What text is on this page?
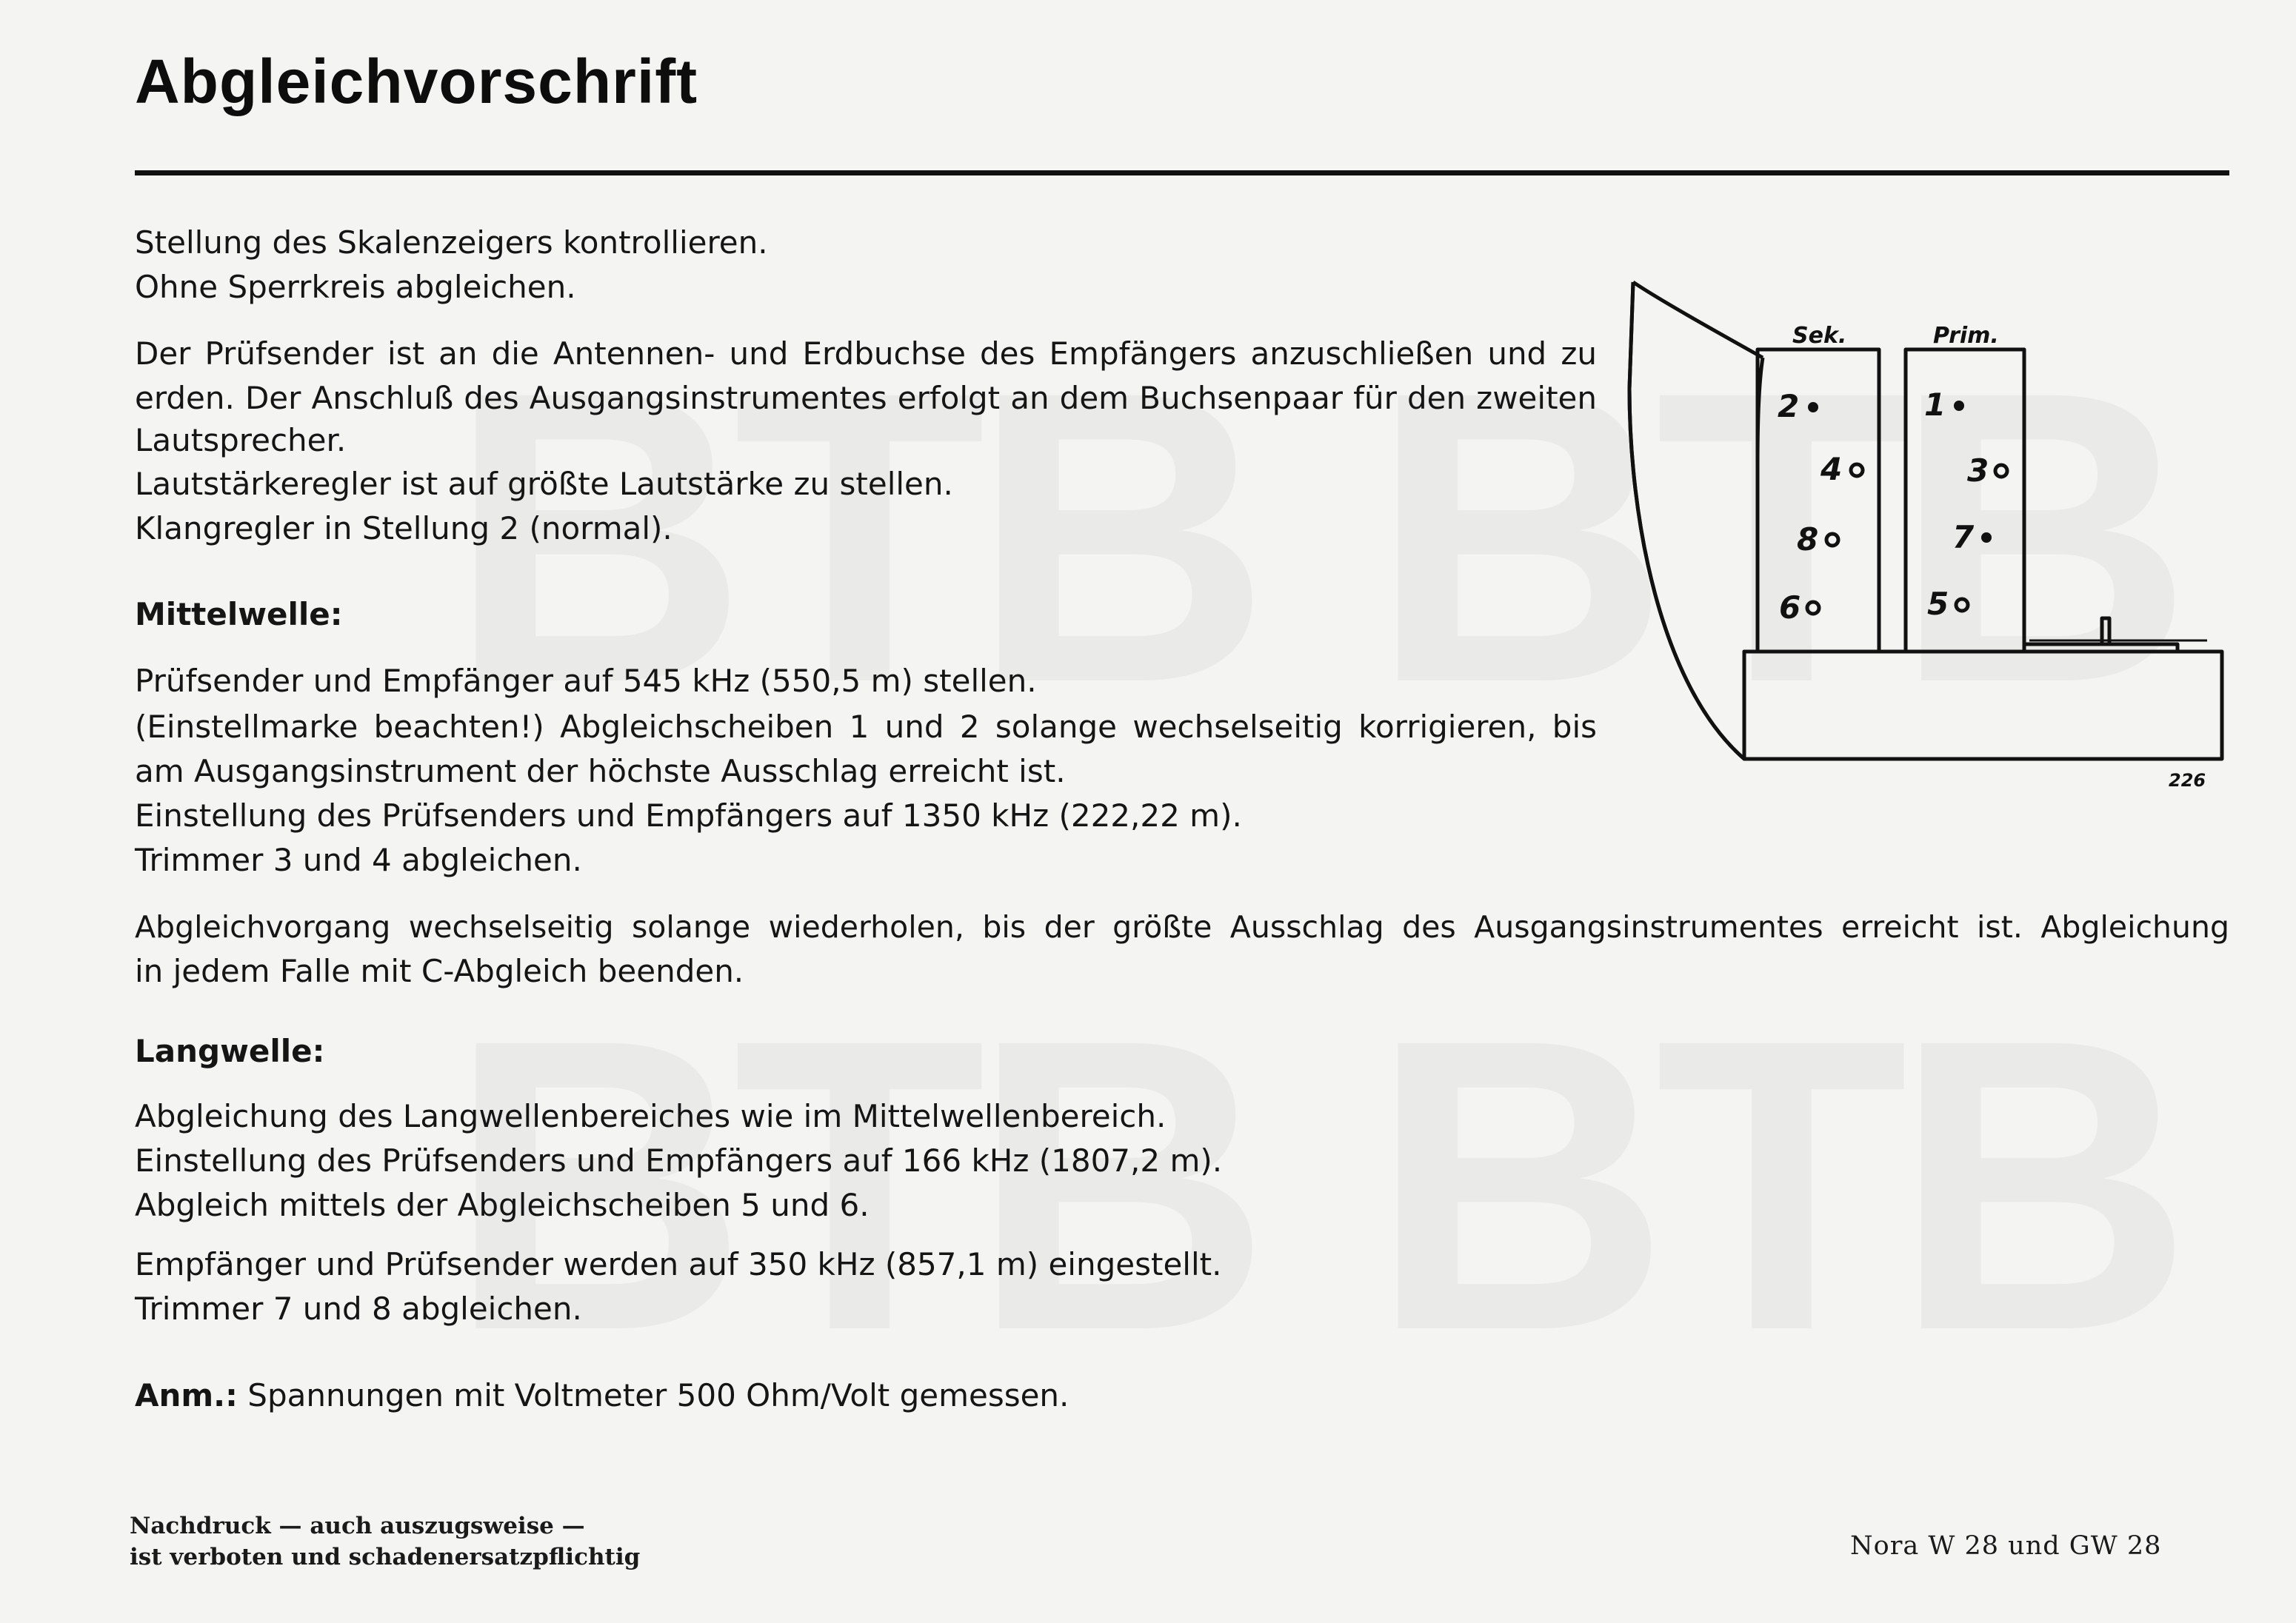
Abgleichvorschrift
Stellung des Skalenzeigers kontrollieren.
Ohne Sperrkreis abgleichen.
Der Prüfsender ist an die Antennen- und Erdbuchse des Empfängers anzuschließen und zu
erden. Der Anschluß des Ausgangsinstrumentes erfolgt an dem Buchsenpaar für den zweiten
Lautsprecher.
Lautstärkeregler ist auf größte Lautstärke zu stellen.
Klangregler in Stellung 2 (normal).
Mittelwelle:
Prüfsender und Empfänger auf 545 kHz (550,5 m) stellen.
(Einstellmarke beachten!) Abgleichscheiben 1 und 2 solange wechselseitig korrigieren, bis
am Ausgangsinstrument der höchste Ausschlag erreicht ist.
Einstellung des Prüfsenders und Empfängers auf 1350 kHz (222,22 m).
Trimmer 3 und 4 abgleichen.
Abgleichvorgang wechselseitig solange wiederholen, bis der größte Ausschlag des Ausgangsinstrumentes erreicht ist. Abgleichung
in jedem Falle mit C-Abgleich beenden.
Langwelle:
Abgleichung des Langwellenbereiches wie im Mittelwellenbereich.
Einstellung des Prüfsenders und Empfängers auf 166 kHz (1807,2 m).
Abgleich mittels der Abgleichscheiben 5 und 6.
Empfänger und Prüfsender werden auf 350 kHz (857,1 m) eingestellt.
Trimmer 7 und 8 abgleichen.
Anm.: Spannungen mit Voltmeter 500 Ohm/Volt gemessen.
Nachdruck — auch auszugsweise —
ist verboten und schadenersatzpflichtig	Nora W 28 und GW 28
Sek.	Prim.
2
4
8
6
1
3
7
5
226
